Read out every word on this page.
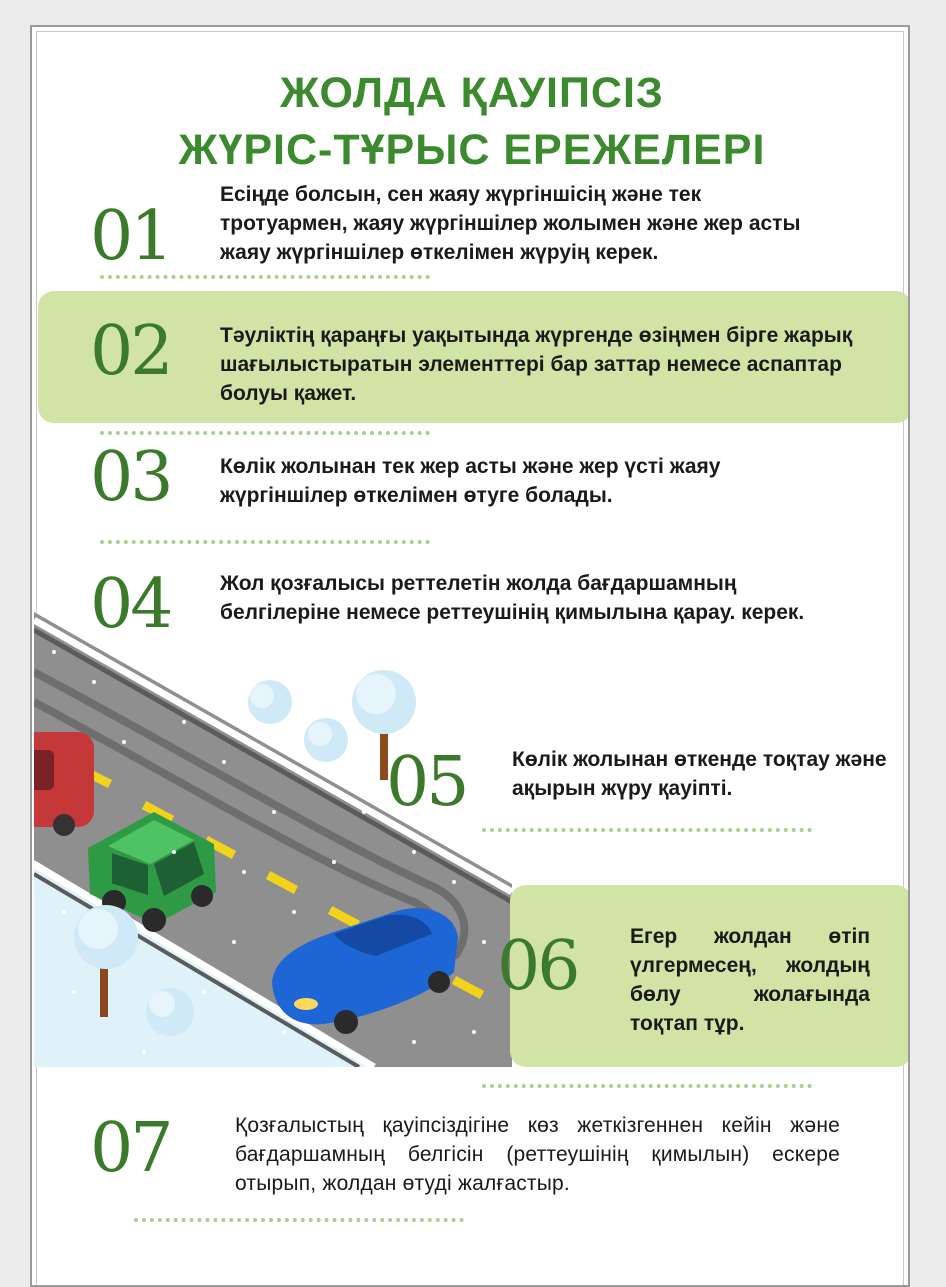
ЖОЛДА ҚАУІПСІЗ
ЖҮРІС-ТҰРЫС ЕРЕЖЕЛЕРІ
01
Есіңде болсын, сен жаяу жүргіншісің және тек тротуармен, жаяу жүргіншілер жолымен және жер асты жаяу жүргіншілер өткелімен жүруің керек.
02 Тәуліктің қараңғы уақытында жүргенде өзіңмен бірге жарық шағылыстыратын элементтері бар заттар немесе аспаптар болуы қажет.
03 Көлік жолынан тек жер асты және жер үсті жаяу жүргіншілер өткелімен өтуге болады.
04 Жол қозғалысы реттелетін жолда бағдаршамның белгілеріне немесе реттеушінің қимылына қарау. керек.
05 Көлік жолынан өткенде тоқтау және ақырын жүру қауіпті.
06 Егер жолдан өтіп үлгермесең, жолдың бөлу жолағында тоқтап тұр.
07	Қозғалыстың қауіпсіздігіне көз жеткізгеннен кейін және бағдаршамның белгісін (реттеушінің қимылын) ескере отырып, жолдан өтуді жалғастыр.
